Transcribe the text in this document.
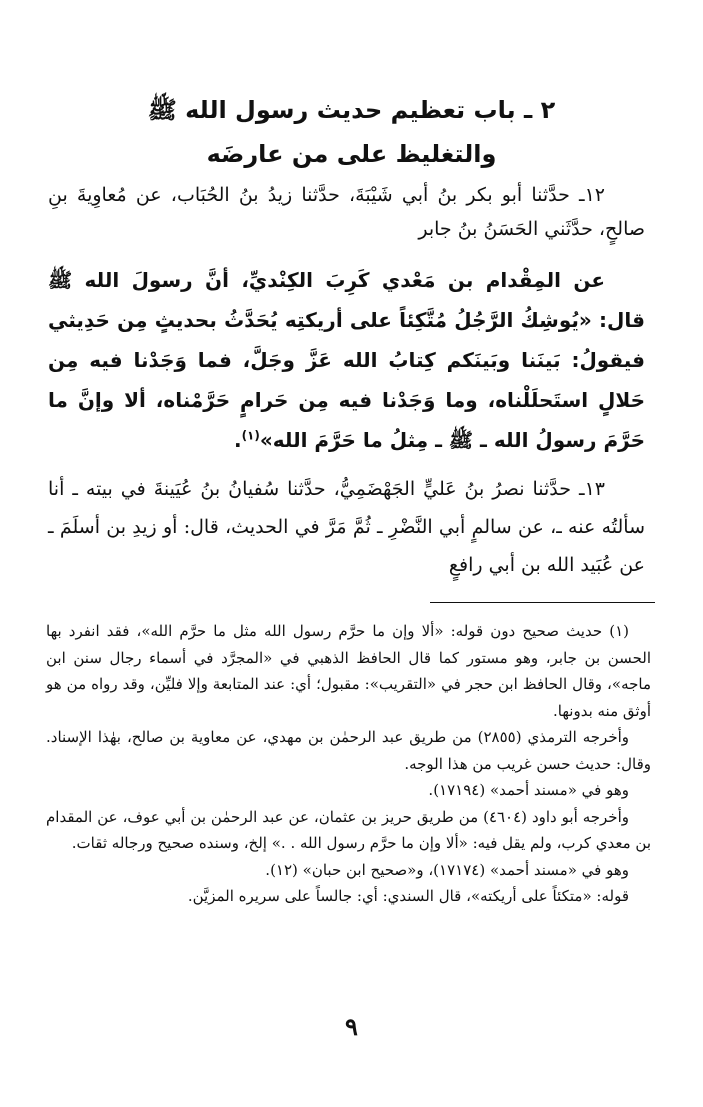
٢ ـ باب تعظيم حديث رسول الله ﷺ
والتغليظ على من عارضَه

١٢ـ حدَّثنا أبو بكر بنُ أبي شَيْبَةَ، حدَّثنا زيدُ بنُ الحُبَاب، عن مُعاوِيةَ بنِ صالحٍ، حدَّثَني الحَسَنُ بنُ جابر

عن المِقْدام بن مَعْدي كَرِبَ الكِنْديِّ، أنَّ رسولَ الله ﷺ قال: «يُوشِكُ الرَّجُلُ مُتَّكِئاً على أريكتِه يُحَدَّثُ بحديثٍ مِن حَدِيثي فيقولُ: بَينَنا وبَينَكم كِتابُ الله عَزَّ وجَلَّ، فما وَجَدْنا فيه مِن حَلالٍ استَحلَلْناه، وما وَجَدْنا فيه مِن حَرامٍ حَرَّمْناه، ألا وإنَّ ما حَرَّمَ رسولُ الله ـ ﷺ ـ مِثلُ ما حَرَّمَ الله»$^{(١)}$.

١٣ـ حدَّثنا نصرُ بنُ عَليٍّ الجَهْضَمِيُّ، حدَّثنا سُفيانُ بنُ عُيَينةَ في بيته ـ أنا سألتُه عنه ـ، عن سالمٍ أبي النَّضْرِ ـ ثُمَّ مَرَّ في الحديث، قال: أو زيدِ بن أسلَمَ ـ عن عُبَيد الله بن أبي رافعٍ

(١) حديث صحيح دون قوله: «ألا وإن ما حرَّم رسول الله مثل ما حرَّم الله»، فقد انفرد بها الحسن بن جابر، وهو مستور كما قال الحافظ الذهبي في «المجرَّد في أسماء رجال سنن ابن ماجه»، وقال الحافظ ابن حجر في «التقريب»: مقبول؛ أي: عند المتابعة وإلا فليِّن، وقد رواه من هو أوثق منه بدونها.

وأخرجه الترمذي (٢٨٥٥) من طريق عبد الرحمٰن بن مهدي، عن معاوية بن صالح، بهٰذا الإسناد. وقال: حديث حسن غريب من هذا الوجه.

وهو في «مسند أحمد» (١٧١٩٤).

وأخرجه أبو داود (٤٦٠٤) من طريق حريز بن عثمان، عن عبد الرحمٰن بن أبي عوف، عن المقدام بن معدي كرب، ولم يقل فيه: «ألا وإن ما حرَّم رسول الله . .» إلخ، وسنده صحيح ورجاله ثقات.

وهو في «مسند أحمد» (١٧١٧٤)، و«صحيح ابن حبان» (١٢).

قوله: «متكئاً على أريكته»، قال السندي: أي: جالساً على سريره المزيَّن.

٩
